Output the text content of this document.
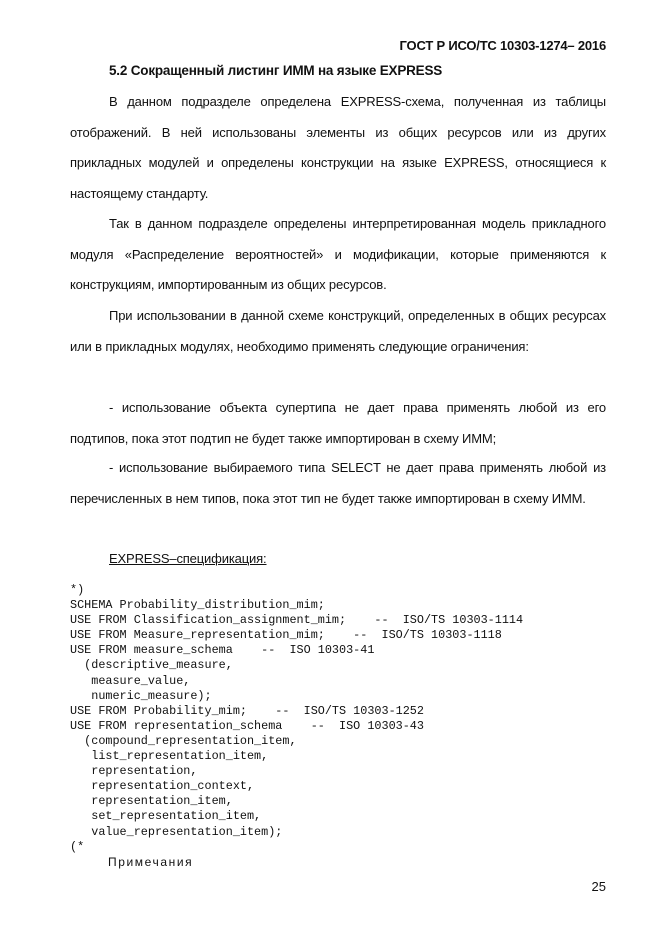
ГОСТ Р ИСО/ТС 10303-1274– 2016
5.2 Сокращенный листинг ИММ на языке EXPRESS
В данном подразделе определена EXPRESS-схема, полученная из таблицы отображений. В ней использованы элементы из общих ресурсов или из других прикладных модулей и определены конструкции на языке EXPRESS, относящиеся к настоящему стандарту.
Так в данном подразделе определены интерпретированная модель прикладного модуля «Распределение вероятностей» и модификации, которые применяются к конструкциям, импортированным из общих ресурсов.
При использовании в данной схеме конструкций, определенных в общих ресурсах или в прикладных модулях, необходимо применять следующие ограничения:
- использование объекта супертипа не дает права применять любой из его подтипов, пока этот подтип не будет также импортирован в схему ИММ;
- использование выбираемого типа SELECT не дает права применять любой из перечисленных в нем типов, пока этот тип не будет также импортирован в схему ИММ.
EXPRESS–спецификация:
*)
SCHEMA Probability_distribution_mim;
USE FROM Classification_assignment_mim;    --  ISO/TS 10303-1114
USE FROM Measure_representation_mim;    --  ISO/TS 10303-1118
USE FROM measure_schema    --  ISO 10303-41
(descriptive_measure,
measure_value,
numeric_measure);
USE FROM Probability_mim;    --  ISO/TS 10303-1252
USE FROM representation_schema    --  ISO 10303-43
(compound_representation_item,
list_representation_item,
representation,
representation_context,
representation_item,
set_representation_item,
value_representation_item);
(*
Примечания
25
